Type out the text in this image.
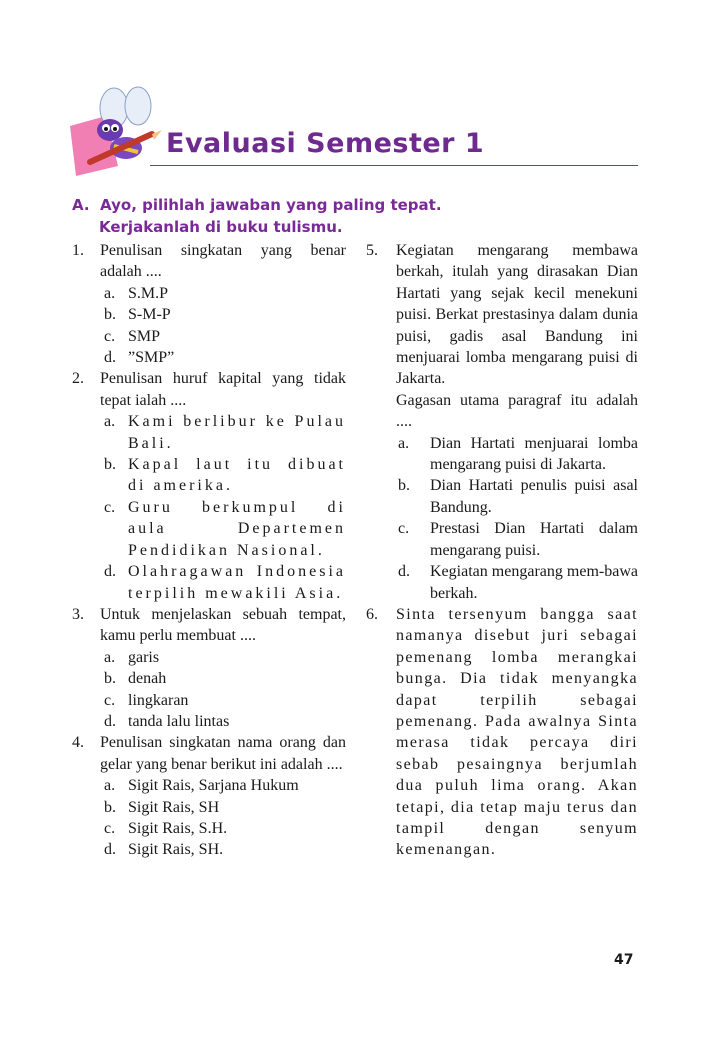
Evaluasi Semester 1
A. Ayo, pilihlah jawaban yang paling tepat.
Kerjakanlah di buku tulismu.
1. Penulisan singkatan yang benar adalah ....
a. S.M.P
b. S-M-P
c. SMP
d. ”SMP”
2. Penulisan huruf kapital yang tidak tepat ialah ....
a. Kami berlibur ke Pulau Bali.
b. Kapal laut itu dibuat di amerika.
c. Guru berkumpul di aula Departemen Pendidikan Nasional.
d. Olahragawan Indonesia terpilih mewakili Asia.
3. Untuk menjelaskan sebuah tempat, kamu perlu membuat ....
a. garis
b. denah
c. lingkaran
d. tanda lalu lintas
4. Penulisan singkatan nama orang dan gelar yang benar berikut ini adalah ....
a. Sigit Rais, Sarjana Hukum
b. Sigit Rais, SH
c. Sigit Rais, S.H.
d. Sigit Rais, SH.
5. Kegiatan mengarang membawa berkah, itulah yang dirasakan Dian Hartati yang sejak kecil menekuni puisi. Berkat prestasinya dalam dunia puisi, gadis asal Bandung ini menjuarai lomba mengarang puisi di Jakarta.
Gagasan utama paragraf itu adalah ....
a. Dian Hartati menjuarai lomba mengarang puisi di Jakarta.
b. Dian Hartati penulis puisi asal Bandung.
c. Prestasi Dian Hartati dalam mengarang puisi.
d. Kegiatan mengarang mem-bawa berkah.
6. Sinta tersenyum bangga saat namanya disebut juri sebagai pemenang lomba merangkai bunga. Dia tidak menyangka dapat terpilih sebagai pemenang. Pada awalnya Sinta merasa tidak percaya diri sebab pesaingnya berjumlah dua puluh lima orang. Akan tetapi, dia tetap maju terus dan tampil dengan senyum kemenangan.
47
